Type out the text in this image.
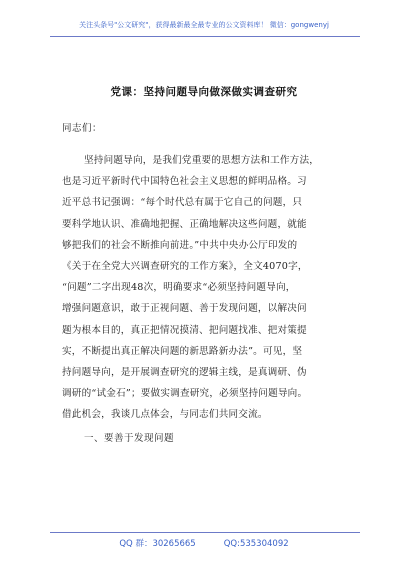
关注头条号"公文研究"，获得最新最全最专业的公文资料库！ 微信：gongwenyj
党课：坚持问题导向做深做实调查研究
同志们：
坚持问题导向，是我们党重要的思想方法和工作方法，
也是习近平新时代中国特色社会主义思想的鲜明品格。习
近平总书记强调：“每个时代总有属于它自己的问题，只
要科学地认识、准确地把握、正确地解决这些问题，就能
够把我们的社会不断推向前进。”中共中央办公厅印发的
《关于在全党大兴调查研究的工作方案》，全文4070字，
“问题”二字出现48次，明确要求“必须坚持问题导向，
增强问题意识，敢于正视问题、善于发现问题，以解决问
题为根本目的，真正把情况摸清、把问题找准、把对策提
实，不断提出真正解决问题的新思路新办法”。可见，坚
持问题导向，是开展调查研究的逻辑主线，是真调研、伪
调研的“试金石”；要做实调查研究，必须坚持问题导向。
借此机会，我谈几点体会，与同志们共同交流。
一、要善于发现问题
QQ 群：30265665	QQ:535304092
